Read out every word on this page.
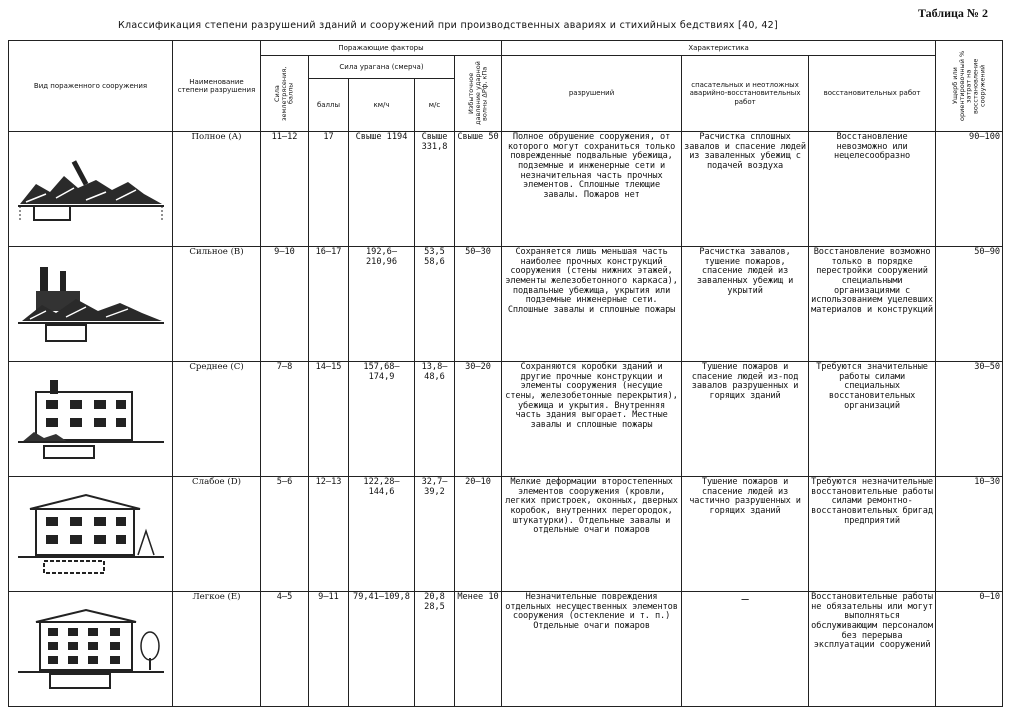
Таблица № 2
Классификация степени разрушений зданий и сооружений при производственных авариях и стихийных бедствиях [40, 42]
Вид пораженного сооружения	Наименование степени разрушения	Поражающие факторы					Характеристика			Ущерб или ориентировочный % затрат на восстановление сооружений

		Сила землетрясения, баллы	Сила урагана (смерча)			Избыточное давление ударной волны ΔPф, кПа	разрушений	спасательных и неотложных аварийно-восстановительных работ	восстановительных работ	
			баллы	км/ч	м/с					

	Полное (А)	11—12	17	Свыше 1194	Свыше 331,8	Свыше 50	Полное обрушение сооружения, от которого могут сохраниться только поврежденные подвальные убежища, подземные и инженерные сети и незначительная часть прочных элементов. Сплошные тлеющие завалы. Пожаров нет	Расчистка сплошных завалов и спасение людей из заваленных убежищ с подачей воздуха	Восстановление невозможно или нецелесообразно	90—100

	Сильное (В)	9—10	16—17	192,6—210,96	53,5 58,6	50—30	Сохраняется лишь меньшая часть наиболее прочных конструкций сооружения (стены нижних этажей, элементы железобетонного каркаса), подвальные убежища, укрытия или подземные инженерные сети. Сплошные завалы и сплошные пожары	Расчистка завалов, тушение пожаров, спасение людей из заваленных убежищ и укрытий	Восстановление возможно только в порядке перестройки сооружений специальными организациями с использованием уцелевших материалов и конструкций	50—90

	Среднее (С)	7—8	14—15	157,68—174,9	13,8—48,6	30—20	Сохраняются коробки зданий и другие прочные конструкции и элементы сооружения (несущие стены, железобетонные перекрытия), убежища и укрытия. Внутренняя часть здания выгорает. Местные завалы и сплошные пожары	Тушение пожаров и спасение людей из-под завалов разрушенных и горящих зданий	Требуются значительные работы силами специальных восстановительных организаций	30—50

	Слабое (D)	5—6	12—13	122,28—144,6	32,7—39,2	20—10	Мелкие деформации второстепенных элементов сооружения (кровли, легких пристроек, оконных, дверных коробок, внутренних перегородок, штукатурки). Отдельные завалы и отдельные очаги пожаров	Тушение пожаров и спасение людей из частично разрушенных и горящих зданий	Требуются незначительные восстановительные работы силами ремонтно-восстановительных бригад предприятий	10—30

	Легкое (Е)	4—5	9—11	79,41—109,8	20,8 28,5	Менее 10	Незначительные повреждения отдельных несущественных элементов сооружения (остекление и т. п.) Отдельные очаги пожаров	—	Восстановительные работы не обязательны или могут выполняться обслуживающим персоналом без перерыва эксплуатации сооружений	0—10
